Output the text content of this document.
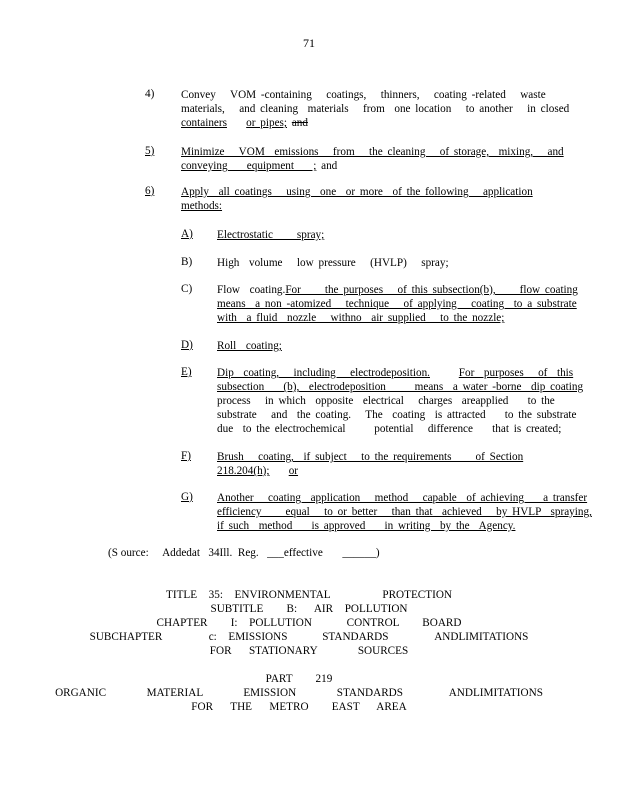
71
4) Convey   VOM -containing   coatings,   thinners,   coating -related   waste
materials,   and cleaning  materials   from  one location   to another   in closed
containers or pipes; and
5) Minimize   VOM  emissions   from   the cleaning   of storage,  mixing,   and
conveying    equipment    ; and
6) Apply  all coatings   using  one  or more  of the following   application
methods:
A) Electrostatic     spray;
B) High  volume   low pressure   (HVLP)   spray;
C) Flow  coating.For     the purposes   of this subsection(b),     flow coating
means  a non -atomized   technique   of applying   coating  to a substrate
with  a fluid  nozzle   withno  air supplied   to the nozzle;
D) Roll  coating;
E) Dip  coating,   including   electrodeposition.	For  purposes   of  this
subsection    (b),  electrodeposition      means  a water -borne  dip coating
process   in which  opposite  electrical   charges  areapplied    to the
substrate   and  the coating.   The  coating  is attracted    to the substrate
due  to the electrochemical      potential   difference    that is created;
F) Brush   coating,  if subject   to the requirements     of Section
218.204(h); or
G) Another   coating  application   method   capable  of achieving    a transfer
efficiency     equal   to or better   than that  achieved   by HVLP  spraying,
if such  method    is approved    in writing  by the  Agency.
(S ource:     Addedat   34Ill.  Reg.   ___effective       ______)
TITLE  35:  ENVIRONMENTAL         PROTECTION
SUBTITLE    B:   AIR  POLLUTION
CHAPTER    I:  POLLUTION      CONTROL    BOARD
SUBCHAPTER        c:  EMISSIONS      STANDARDS        ANDLIMITATIONS
FOR   STATIONARY       SOURCES
PART    219
ORGANIC       MATERIAL       EMISSION       STANDARDS        ANDLIMITATIONS
FOR   THE   METRO    EAST   AREA
